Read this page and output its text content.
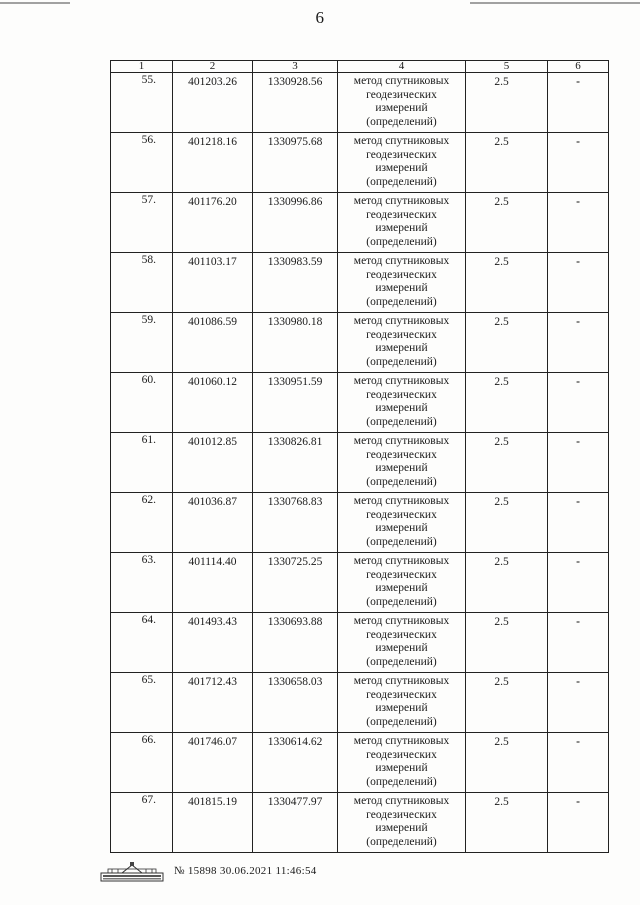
6
1	2	3	4	5	6
55.	401203.26	1330928.56	метод спутниковых
геодезических
измерений
(определений)	2.5	-
56.	401218.16	1330975.68	метод спутниковых
геодезических
измерений
(определений)	2.5	-
57.	401176.20	1330996.86	метод спутниковых
геодезических
измерений
(определений)	2.5	-
58.	401103.17	1330983.59	метод спутниковых
геодезических
измерений
(определений)	2.5	-
59.	401086.59	1330980.18	метод спутниковых
геодезических
измерений
(определений)	2.5	-
60.	401060.12	1330951.59	метод спутниковых
геодезических
измерений
(определений)	2.5	-
61.	401012.85	1330826.81	метод спутниковых
геодезических
измерений
(определений)	2.5	-
62.	401036.87	1330768.83	метод спутниковых
геодезических
измерений
(определений)	2.5	-
63.	401114.40	1330725.25	метод спутниковых
геодезических
измерений
(определений)	2.5	-
64.	401493.43	1330693.88	метод спутниковых
геодезических
измерений
(определений)	2.5	-
65.	401712.43	1330658.03	метод спутниковых
геодезических
измерений
(определений)	2.5	-
66.	401746.07	1330614.62	метод спутниковых
геодезических
измерений
(определений)	2.5	-
67.	401815.19	1330477.97	метод спутниковых
геодезических
измерений
(определений)	2.5	-
№ 15898 30.06.2021 11:46:54
